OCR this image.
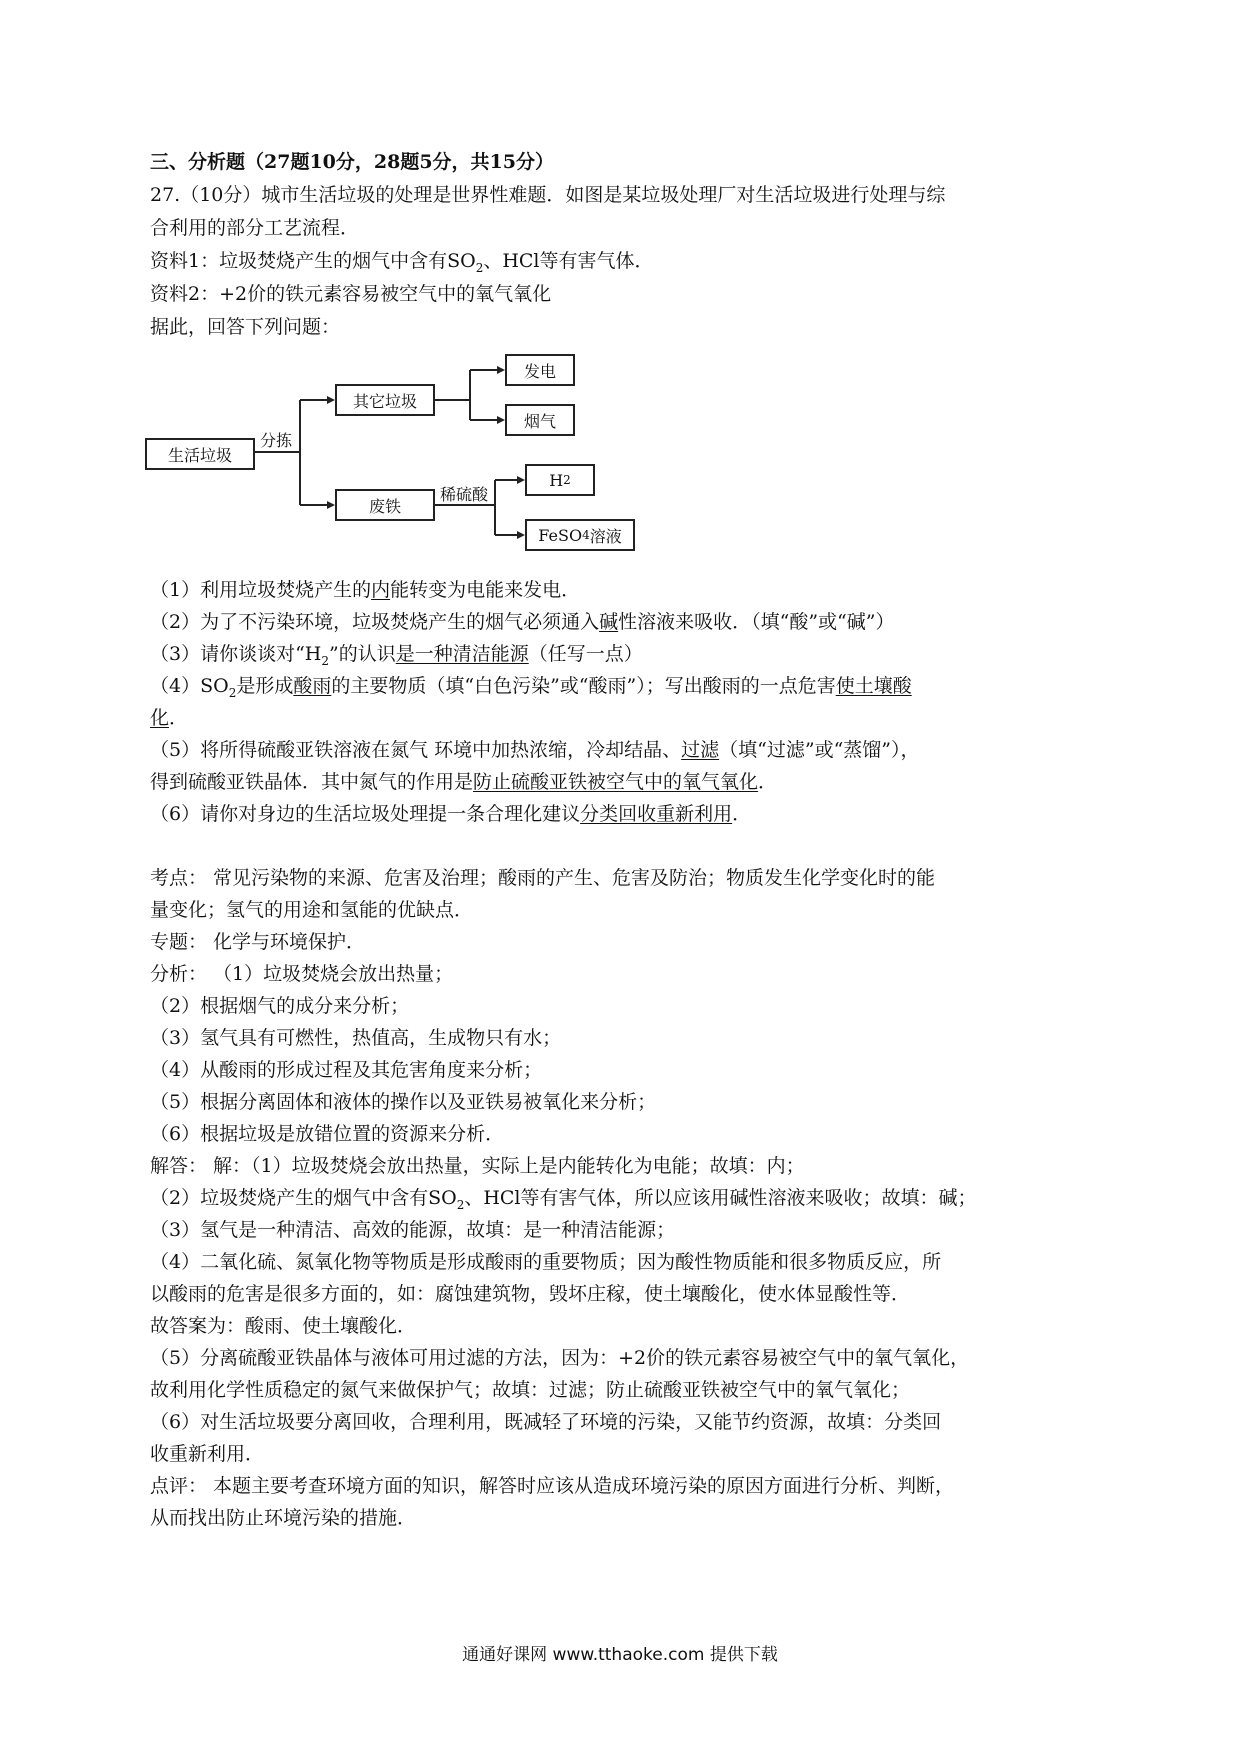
三、分析题（27题10分，28题5分，共15分）
27.（10分）城市生活垃圾的处理是世界性难题．如图是某垃圾处理厂对生活垃圾进行处理与综
合利用的部分工艺流程．
资料1：垃圾焚烧产生的烟气中含有$SO_2$、HCl等有害气体．
资料2：+2价的铁元素容易被空气中的氧气氧化
据此，回答下列问题：
生活垃圾
分拣
其它垃圾
发电
烟气
废铁
稀硫酸
H 2
FeSO 4 溶液
（1）利用垃圾焚烧产生的内能转变为电能来发电．
（2）为了不污染环境，垃圾焚烧产生的烟气必须通入碱性溶液来吸收．（填“酸”或“碱”）
（3）请你谈谈对“$H_2$”的认识是一种清洁能源（任写一点）
$(4)SO_2$是形成酸雨的主要物质（填“白色污染”或“酸雨”）；写出酸雨的一点危害使土壤酸
化．
（5）将所得硫酸亚铁溶液在氮气 环境中加热浓缩，冷却结晶、过滤（填“过滤”或“蒸馏”），
得到硫酸亚铁晶体．其中氮气的作用是防止硫酸亚铁被空气中的氧气氧化．
（6）请你对身边的生活垃圾处理提一条合理化建议分类回收重新利用．
考点： 常见污染物的来源、危害及治理；酸雨的产生、危害及防治；物质发生化学变化时的能
量变化；氢气的用途和氢能的优缺点．
专题： 化学与环境保护．
分析： （1）垃圾焚烧会放出热量；
（2）根据烟气的成分来分析；
（3）氢气具有可燃性，热值高，生成物只有水；
（4）从酸雨的形成过程及其危害角度来分析；
（5）根据分离固体和液体的操作以及亚铁易被氧化来分析；
（6）根据垃圾是放错位置的资源来分析．
解答： 解：（1）垃圾焚烧会放出热量，实际上是内能转化为电能；故填：内；
（2）垃圾焚烧产生的烟气中含有$SO_2$、HCl等有害气体，所以应该用碱性溶液来吸收；故填：碱；
（3）氢气是一种清洁、高效的能源，故填：是一种清洁能源；
（4）二氧化硫、氮氧化物等物质是形成酸雨的重要物质；因为酸性物质能和很多物质反应，所
以酸雨的危害是很多方面的，如：腐蚀建筑物，毁坏庄稼，使土壤酸化，使水体显酸性等．
故答案为：酸雨、使土壤酸化．
（5）分离硫酸亚铁晶体与液体可用过滤的方法，因为：+2价的铁元素容易被空气中的氧气氧化，
故利用化学性质稳定的氮气来做保护气；故填：过滤；防止硫酸亚铁被空气中的氧气氧化；
（6）对生活垃圾要分离回收，合理利用，既减轻了环境的污染，又能节约资源，故填：分类回
收重新利用．
点评： 本题主要考查环境方面的知识，解答时应该从造成环境污染的原因方面进行分析、判断，
从而找出防止环境污染的措施．
通通好课网 www.tthaoke.com 提供下载
